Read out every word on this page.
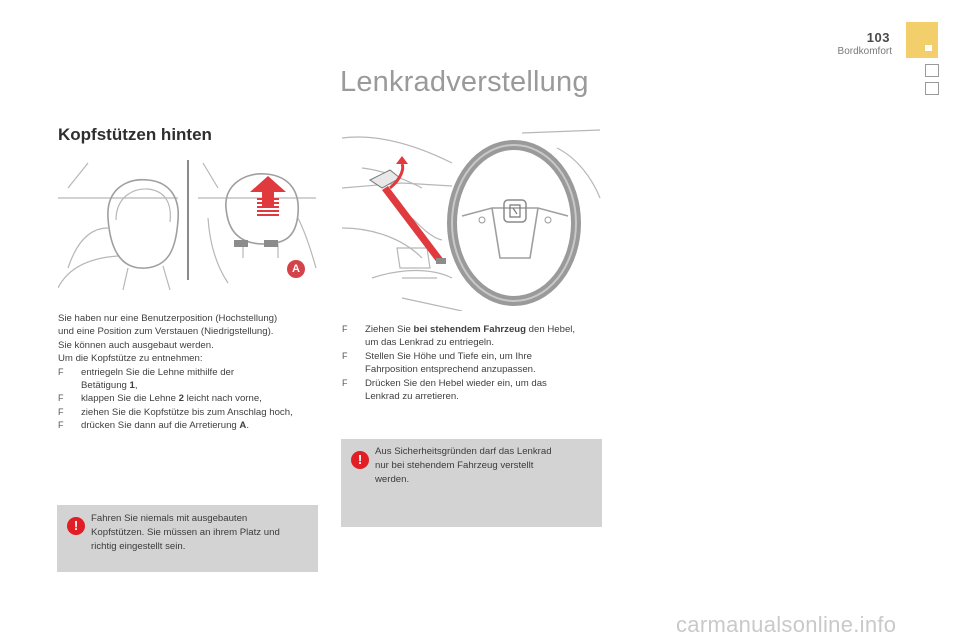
103
Bordkomfort
Lenkradverstellung
Kopfstützen hinten
A

Sie haben nur eine Benutzerposition (Hochstellung)

und eine Position zum Verstauen (Niedrigstellung).

Sie können auch ausgebaut werden.

Um die Kopfstütze zu entnehmen:

F entriegeln Sie die Lehne mithilfe der
Betätigung 1,
F klappen Sie die Lehne 2 leicht nach vorne,
F ziehen Sie die Kopfstütze bis zum Anschlag hoch,
F drücken Sie dann auf die Arretierung A.
!	Fahren Sie niemals mit ausgebauten
Kopfstützen. Sie müssen an ihrem Platz und
richtig eingestellt sein.
F Ziehen Sie bei stehendem Fahrzeug den Hebel,
um das Lenkrad zu entriegeln.
F Stellen Sie Höhe und Tiefe ein, um Ihre
Fahrposition entsprechend anzupassen.
F Drücken Sie den Hebel wieder ein, um das
Lenkrad zu arretieren.
!
Aus Sicherheitsgründen darf das Lenkrad
nur bei stehendem Fahrzeug verstellt
werden.
carmanualsonline.info
